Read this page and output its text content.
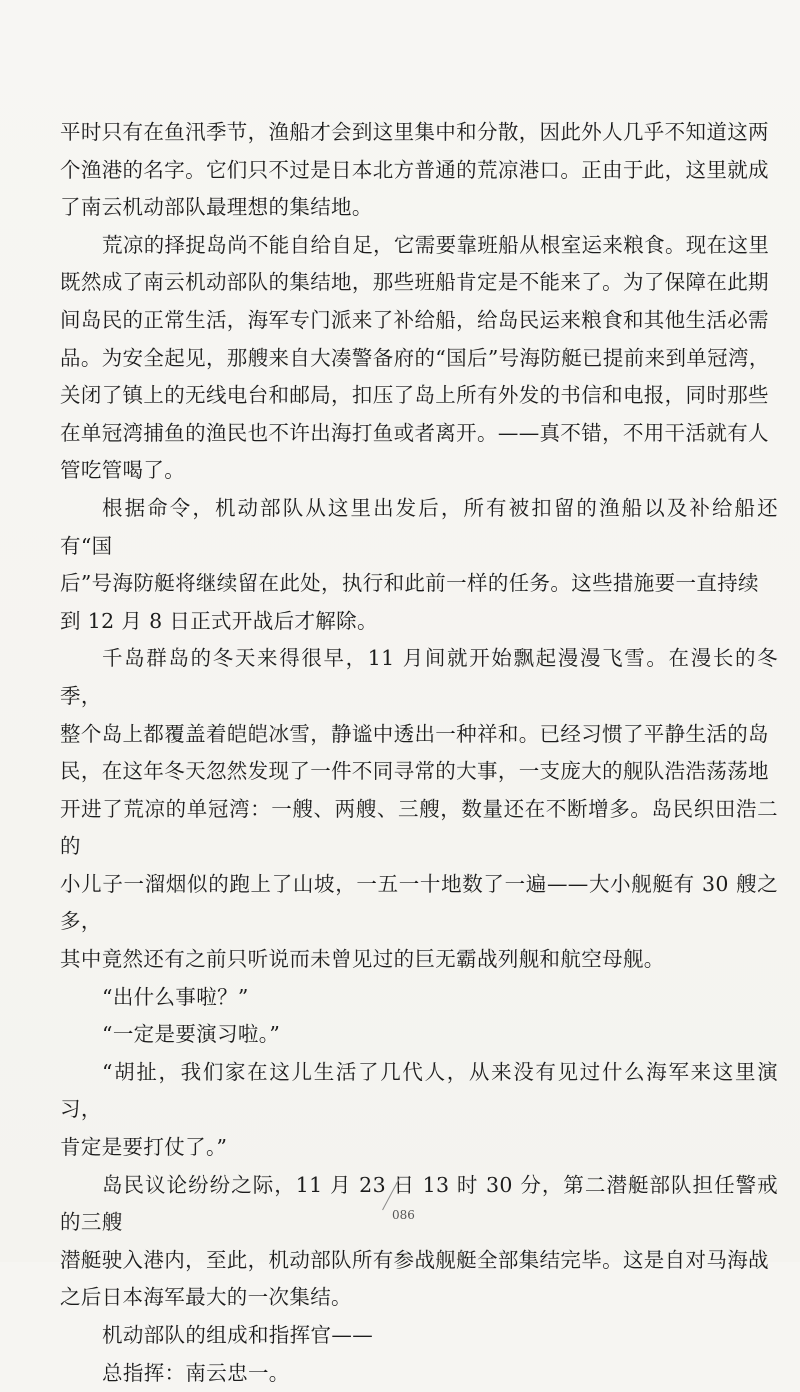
平时只有在鱼汛季节，渔船才会到这里集中和分散，因此外人几乎不知道这两
个渔港的名字。它们只不过是日本北方普通的荒凉港口。正由于此，这里就成
了南云机动部队最理想的集结地。

荒凉的择捉岛尚不能自给自足，它需要靠班船从根室运来粮食。现在这里
既然成了南云机动部队的集结地，那些班船肯定是不能来了。为了保障在此期
间岛民的正常生活，海军专门派来了补给船，给岛民运来粮食和其他生活必需
品。为安全起见，那艘来自大凑警备府的“国后”号海防艇已提前来到单冠湾，
关闭了镇上的无线电台和邮局，扣压了岛上所有外发的书信和电报，同时那些
在单冠湾捕鱼的渔民也不许出海打鱼或者离开。——真不错，不用干活就有人
管吃管喝了。

根据命令，机动部队从这里出发后，所有被扣留的渔船以及补给船还有“国
后”号海防艇将继续留在此处，执行和此前一样的任务。这些措施要一直持续
到 12 月 8 日正式开战后才解除。

千岛群岛的冬天来得很早，11 月间就开始飘起漫漫飞雪。在漫长的冬季，
整个岛上都覆盖着皑皑冰雪，静谧中透出一种祥和。已经习惯了平静生活的岛
民，在这年冬天忽然发现了一件不同寻常的大事，一支庞大的舰队浩浩荡荡地
开进了荒凉的单冠湾：一艘、两艘、三艘，数量还在不断增多。岛民织田浩二的
小儿子一溜烟似的跑上了山坡，一五一十地数了一遍——大小舰艇有 30 艘之多，
其中竟然还有之前只听说而未曾见过的巨无霸战列舰和航空母舰。

“出什么事啦？”

“一定是要演习啦。”

“胡扯，我们家在这儿生活了几代人，从来没有见过什么海军来这里演习，
肯定是要打仗了。”

岛民议论纷纷之际，11 月 23 日 13 时 30 分，第二潜艇部队担任警戒的三艘
潜艇驶入港内，至此，机动部队所有参战舰艇全部集结完毕。这是自对马海战
之后日本海军最大的一次集结。

机动部队的组成和指挥官——

总指挥：南云忠一。

086
